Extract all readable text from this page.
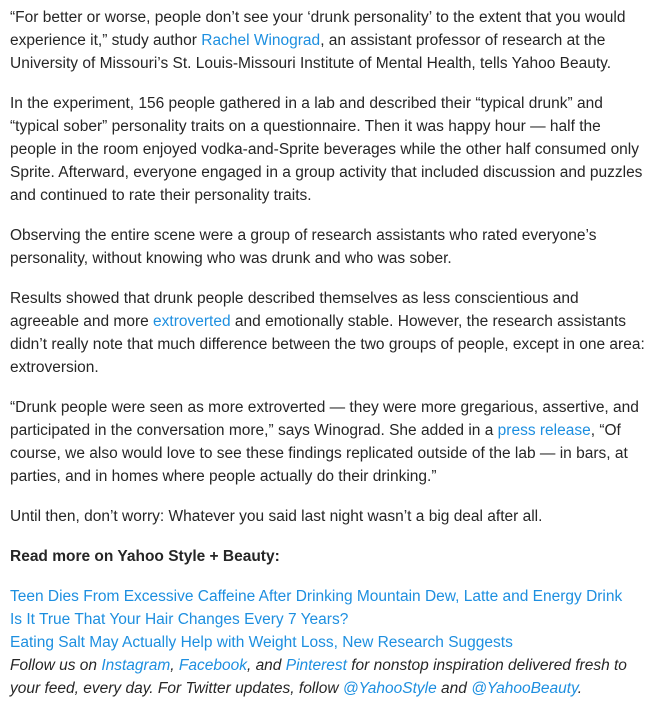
“For better or worse, people don’t see your ‘drunk personality’ to the extent that you would experience it,” study author Rachel Winograd, an assistant professor of research at the University of Missouri’s St. Louis-Missouri Institute of Mental Health, tells Yahoo Beauty.

In the experiment, 156 people gathered in a lab and described their “typical drunk” and “typical sober” personality traits on a questionnaire. Then it was happy hour — half the people in the room enjoyed vodka-and-Sprite beverages while the other half consumed only Sprite. Afterward, everyone engaged in a group activity that included discussion and puzzles and continued to rate their personality traits.

Observing the entire scene were a group of research assistants who rated everyone’s personality, without knowing who was drunk and who was sober.

Results showed that drunk people described themselves as less conscientious and agreeable and more extroverted and emotionally stable. However, the research assistants didn’t really note that much difference between the two groups of people, except in one area: extroversion.

“Drunk people were seen as more extroverted — they were more gregarious, assertive, and participated in the conversation more,” says Winograd. She added in a press release, “Of course, we also would love to see these findings replicated outside of the lab — in bars, at parties, and in homes where people actually do their drinking.”

Until then, don’t worry: Whatever you said last night wasn’t a big deal after all.

Read more on Yahoo Style + Beauty:

Teen Dies From Excessive Caffeine After Drinking Mountain Dew, Latte and Energy Drink
Is It True That Your Hair Changes Every 7 Years?
Eating Salt May Actually Help with Weight Loss, New Research Suggests

Follow us on Instagram, Facebook, and Pinterest for nonstop inspiration delivered fresh to your feed, every day. For Twitter updates, follow @YahooStyle and @YahooBeauty.
